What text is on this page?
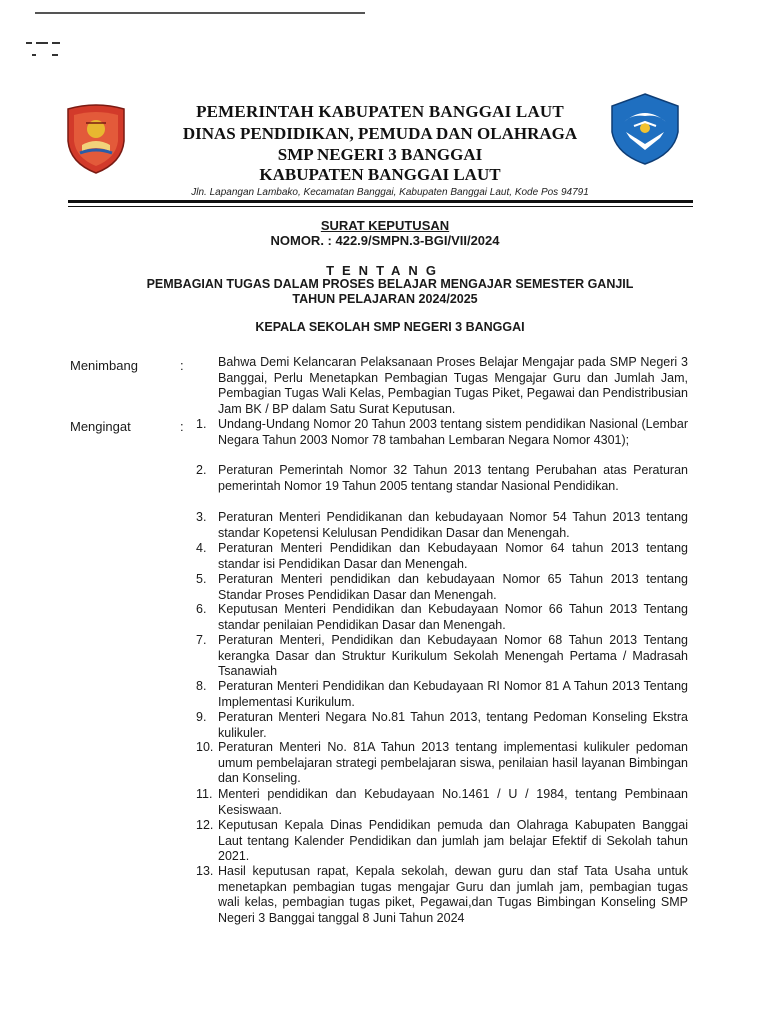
PEMERINTAH KABUPATEN BANGGAI LAUT
DINAS PENDIDIKAN, PEMUDA DAN OLAHRAGA
SMP NEGERI 3 BANGGAI
KABUPATEN BANGGAI LAUT
Jln. Lapangan Lambako, Kecamatan Banggai, Kabupaten Banggai Laut, Kode Pos 94791
SURAT KEPUTUSAN
NOMOR. : 422.9/SMPN.3-BGI/VII/2024
TENTANG
PEMBAGIAN TUGAS DALAM PROSES BELAJAR MENGAJAR SEMESTER GANJIL
TAHUN PELAJARAN 2024/2025
KEPALA SEKOLAH SMP NEGERI 3 BANGGAI
Menimbang	:	Bahwa Demi Kelancaran Pelaksanaan Proses Belajar Mengajar pada SMP Negeri 3 Banggai, Perlu Menetapkan Pembagian Tugas Mengajar Guru dan Jumlah Jam, Pembagian Tugas Wali Kelas, Pembagian Tugas Piket, Pegawai dan Pendistribusian Jam BK / BP dalam Satu Surat Keputusan.
Mengingat	: 1. Undang-Undang Nomor 20 Tahun 2003 tentang sistem pendidikan Nasional (Lembar Negara Tahun 2003 Nomor 78 tambahan Lembaran Negara Nomor 4301);
2. Peraturan Pemerintah Nomor 32 Tahun 2013 tentang Perubahan atas Peraturan pemerintah Nomor 19 Tahun 2005 tentang standar Nasional Pendidikan.
3. Peraturan Menteri Pendidikanan dan kebudayaan Nomor 54 Tahun 2013 tentang standar Kopetensi Kelulusan Pendidikan Dasar dan Menengah.
4. Peraturan Menteri Pendidikan dan Kebudayaan Nomor 64 tahun 2013 tentang standar isi Pendidikan Dasar dan Menengah.
5. Peraturan Menteri pendidikan dan kebudayaan Nomor 65 Tahun 2013 tentang Standar Proses Pendidikan Dasar dan Menengah.
6. Keputusan Menteri Pendidikan dan Kebudayaan Nomor 66 Tahun 2013 Tentang standar penilaian Pendidikan Dasar dan Menengah.
7. Peraturan Menteri, Pendidikan dan Kebudayaan Nomor 68 Tahun 2013 Tentang kerangka Dasar dan Struktur Kurikulum Sekolah Menengah Pertama / Madrasah Tsanawiah
8. Peraturan Menteri Pendidikan dan Kebudayaan RI Nomor 81 A Tahun 2013 Tentang Implementasi Kurikulum.
9. Peraturan Menteri Negara No.81 Tahun 2013, tentang Pedoman Konseling Ekstra kulikuler.
10. Peraturan Menteri No. 81A Tahun 2013 tentang implementasi kulikuler pedoman umum pembelajaran strategi pembelajaran siswa, penilaian hasil layanan Bimbingan dan Konseling.
11. Menteri pendidikan dan Kebudayaan No.1461 / U / 1984, tentang Pembinaan Kesiswaan.
12. Keputusan Kepala Dinas Pendidikan pemuda dan Olahraga Kabupaten Banggai Laut tentang Kalender Pendidikan dan jumlah jam belajar Efektif di Sekolah tahun 2021.
13. Hasil keputusan rapat, Kepala sekolah, dewan guru dan staf Tata Usaha untuk menetapkan pembagian tugas mengajar Guru dan jumlah jam, pembagian tugas wali kelas, pembagian tugas piket, Pegawai,dan Tugas Bimbingan Konseling SMP Negeri 3 Banggai tanggal 8 Juni Tahun 2024
